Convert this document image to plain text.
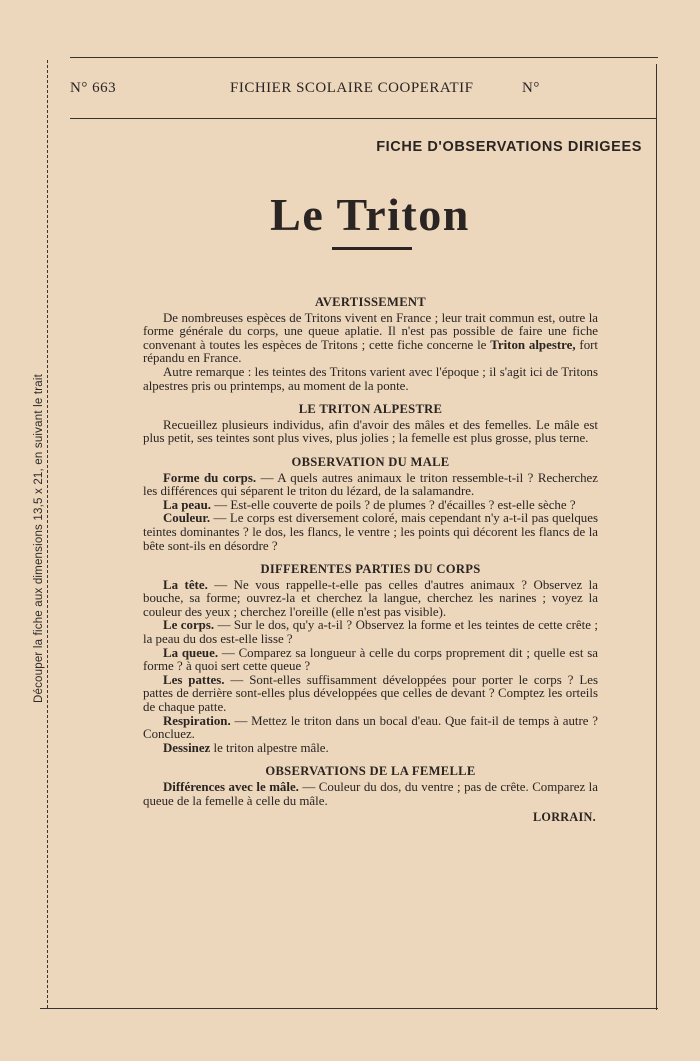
Découper la fiche aux dimensions 13,5 x 21, en suivant le trait
N° 663	FICHIER SCOLAIRE COOPERATIF	N°
FICHE D'OBSERVATIONS DIRIGEES
Le Triton
AVERTISSEMENT

De nombreuses espèces de Tritons vivent en France ; leur trait commun est, outre la forme générale du corps, une queue aplatie. Il n'est pas possible de faire une fiche convenant à toutes les espèces de Tritons ; cette fiche concerne le Triton alpestre, fort répandu en France.

Autre remarque : les teintes des Tritons varient avec l'époque ; il s'agit ici de Tritons alpestres pris ou printemps, au moment de la ponte.

LE TRITON ALPESTRE

Recueillez plusieurs individus, afin d'avoir des mâles et des femelles. Le mâle est plus petit, ses teintes sont plus vives, plus jolies ; la femelle est plus grosse, plus terne.

OBSERVATION DU MALE

Forme du corps. — A quels autres animaux le triton ressemble-t-il ? Recherchez les différences qui séparent le triton du lézard, de la salamandre.

La peau. — Est-elle couverte de poils ? de plumes ? d'écailles ? est-elle sèche ?

Couleur. — Le corps est diversement coloré, mais cependant n'y a-t-il pas quelques teintes dominantes ? le dos, les flancs, le ventre ; les points qui décorent les flancs de la bête sont-ils en désordre ?

DIFFERENTES PARTIES DU CORPS

La tête. — Ne vous rappelle-t-elle pas celles d'autres animaux ? Observez la bouche, sa forme; ouvrez-la et cherchez la langue, cherchez les narines ; voyez la couleur des yeux ; cherchez l'oreille (elle n'est pas visible).

Le corps. — Sur le dos, qu'y a-t-il ? Observez la forme et les teintes de cette crête ; la peau du dos est-elle lisse ?

La queue. — Comparez sa longueur à celle du corps proprement dit ; quelle est sa forme ? à quoi sert cette queue ?

Les pattes. — Sont-elles suffisamment développées pour porter le corps ? Les pattes de derrière sont-elles plus développées que celles de devant ? Comptez les orteils de chaque patte.

Respiration. — Mettez le triton dans un bocal d'eau. Que fait-il de temps à autre ? Concluez.

Dessinez le triton alpestre mâle.

OBSERVATIONS DE LA FEMELLE

Différences avec le mâle. — Couleur du dos, du ventre ; pas de crête. Comparez la queue de la femelle à celle du mâle.

LORRAIN.
